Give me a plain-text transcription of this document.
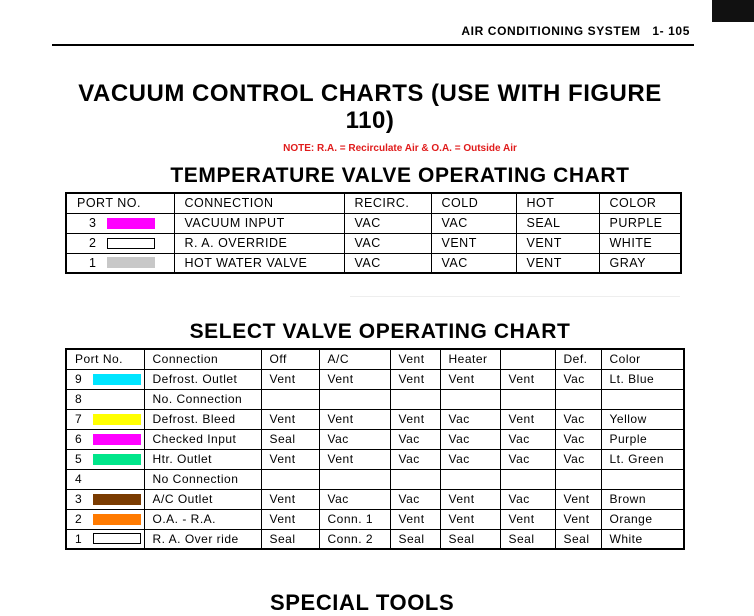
AIR CONDITIONING SYSTEM 1- 105
VACUUM CONTROL CHARTS (USE WITH FIGURE
110)
NOTE: R.A. = Recirculate Air & O.A. = Outside Air
TEMPERATURE VALVE OPERATING CHART
PORT NO.	CONNECTION	RECIRC.	COLD	HOT	COLOR

3	VACUUM INPUT	VAC	VAC	SEAL	PURPLE

2	R. A. OVERRIDE	VAC	VENT	VENT	WHITE

1	HOT WATER VALVE	VAC	VAC	VENT	GRAY
SELECT VALVE OPERATING CHART
Port No.	Connection	Off	A/C	Vent	Heater		Def.	Color

9	Defrost. Outlet	Vent	Vent	Vent	Vent	Vent	Vac	Lt. Blue

8	No. Connection							

7	Defrost. Bleed	Vent	Vent	Vent	Vac	Vent	Vac	Yellow

6	Checked Input	Seal	Vac	Vac	Vac	Vac	Vac	Purple

5	Htr. Outlet	Vent	Vent	Vac	Vac	Vac	Vac	Lt. Green

4	No Connection							

3	A/C Outlet	Vent	Vac	Vac	Vent	Vac	Vent	Brown

2	O.A. - R.A.	Vent	Conn. 1	Vent	Vent	Vent	Vent	Orange

1	R. A. Over ride	Seal	Conn. 2	Seal	Seal	Seal	Seal	White
SPECIAL TOOLS
